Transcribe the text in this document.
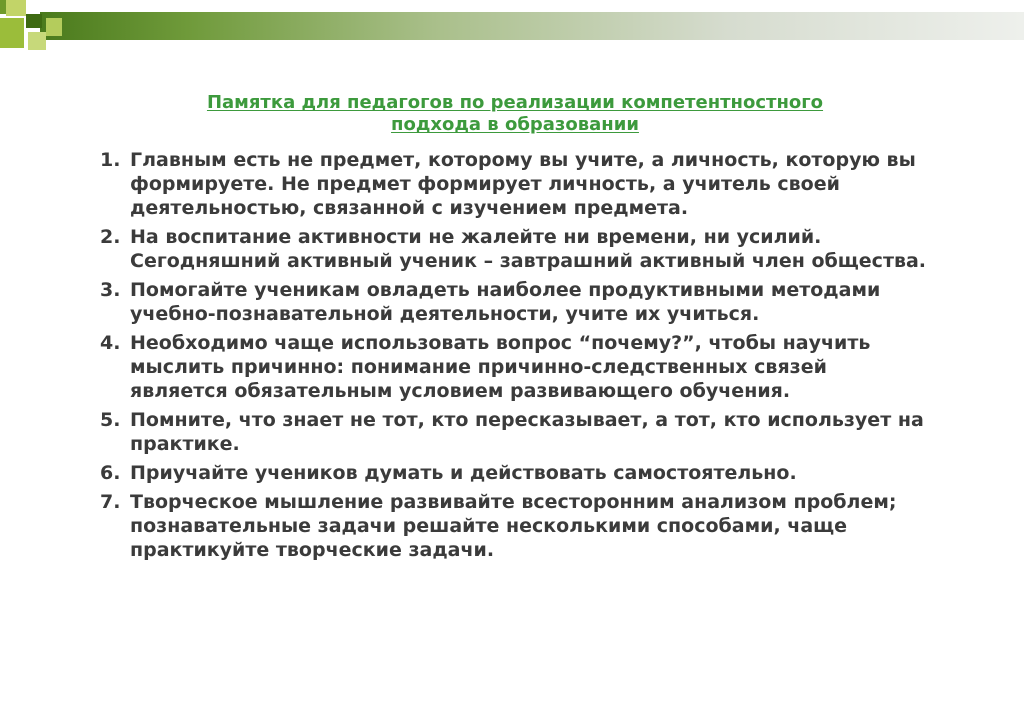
Памятка для педагогов по реализации компетентностного
подхода в образовании
1. Главным есть не предмет, которому вы учите, а личность, которую вы формируете. Не предмет формирует личность, а учитель своей деятельностью, связанной с изучением предмета.
2. На воспитание активности не жалейте ни времени, ни усилий. Сегодняшний активный ученик – завтрашний активный член общества.
3. Помогайте ученикам овладеть наиболее продуктивными методами учебно-познавательной деятельности, учите их учиться.
4. Необходимо чаще использовать вопрос “почему?”, чтобы научить мыслить причинно: понимание причинно-следственных связей является обязательным условием развивающего обучения.
5. Помните, что знает не тот, кто пересказывает, а тот, кто использует на практике.
6. Приучайте учеников думать и действовать самостоятельно.
7. Творческое мышление развивайте всесторонним анализом проблем; познавательные задачи решайте несколькими способами, чаще практикуйте творческие задачи.
